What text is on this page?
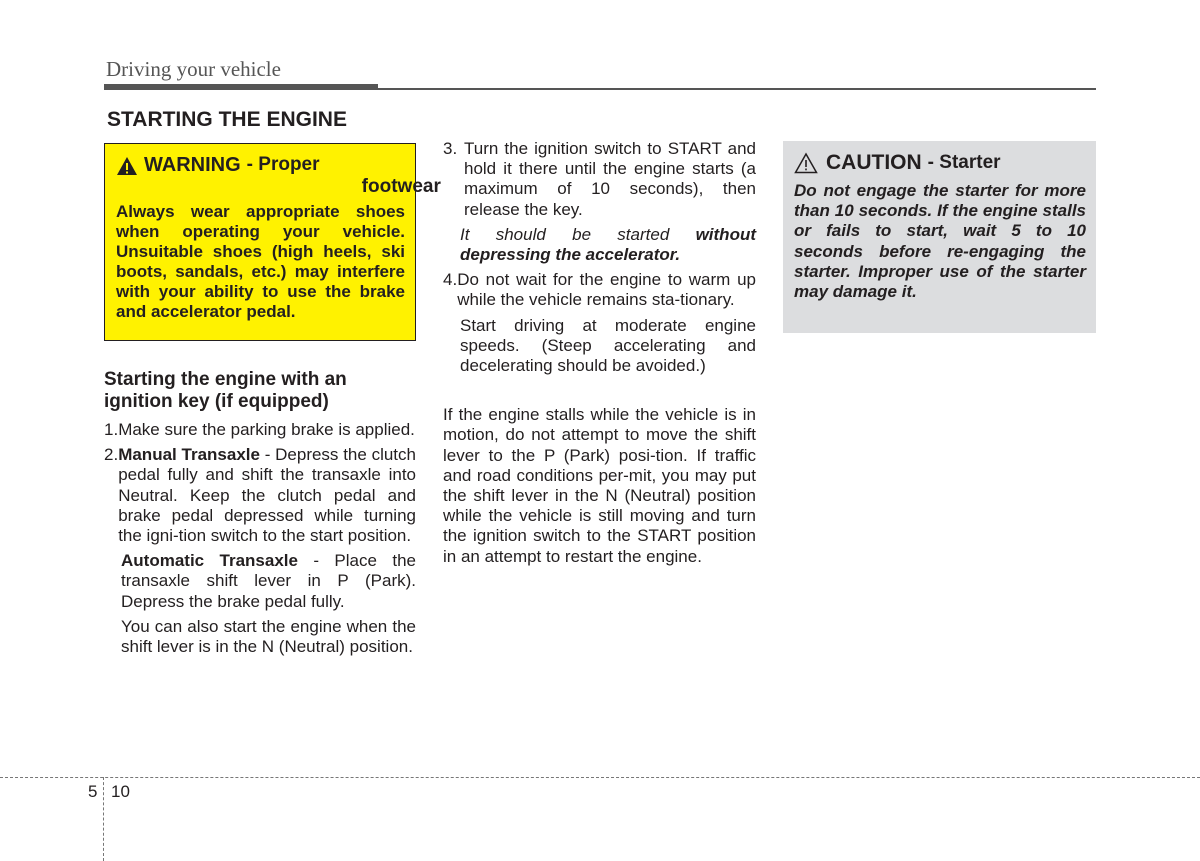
Driving your vehicle
STARTING THE ENGINE
WARNING - Proper
footwear
Always wear appropriate shoes when operating your vehicle. Unsuitable shoes (high heels, ski boots, sandals, etc.) may interfere with your ability to use the brake and accelerator pedal.
Starting the engine with an ignition key (if equipped)
1. Make sure the parking brake is applied.
2. Manual Transaxle - Depress the clutch pedal fully and shift the transaxle into Neutral. Keep the clutch pedal and brake pedal depressed while turning the igni-tion switch to the start position.

Automatic Transaxle - Place the transaxle shift lever in P (Park). Depress the brake pedal fully.

You can also start the engine when the shift lever is in the N (Neutral) position.

3. Turn the ignition switch to START and hold it there until the engine starts (a maximum of 10 seconds), then release the key.

It should be started without depressing the accelerator.

4. Do not wait for the engine to warm up while the vehicle remains sta-tionary.

Start driving at moderate engine speeds. (Steep accelerating and decelerating should be avoided.)

If the engine stalls while the vehicle is in motion, do not attempt to move the shift lever to the P (Park) posi-tion. If traffic and road conditions per-mit, you may put the shift lever in the N (Neutral) position while the vehicle is still moving and turn the ignition switch to the START position in an attempt to restart the engine.

CAUTION - Starter
Do not engage the starter for more than 10 seconds. If the engine stalls or fails to start, wait 5 to 10 seconds before re-engaging the starter. Improper use of the starter may damage it.
5 10
